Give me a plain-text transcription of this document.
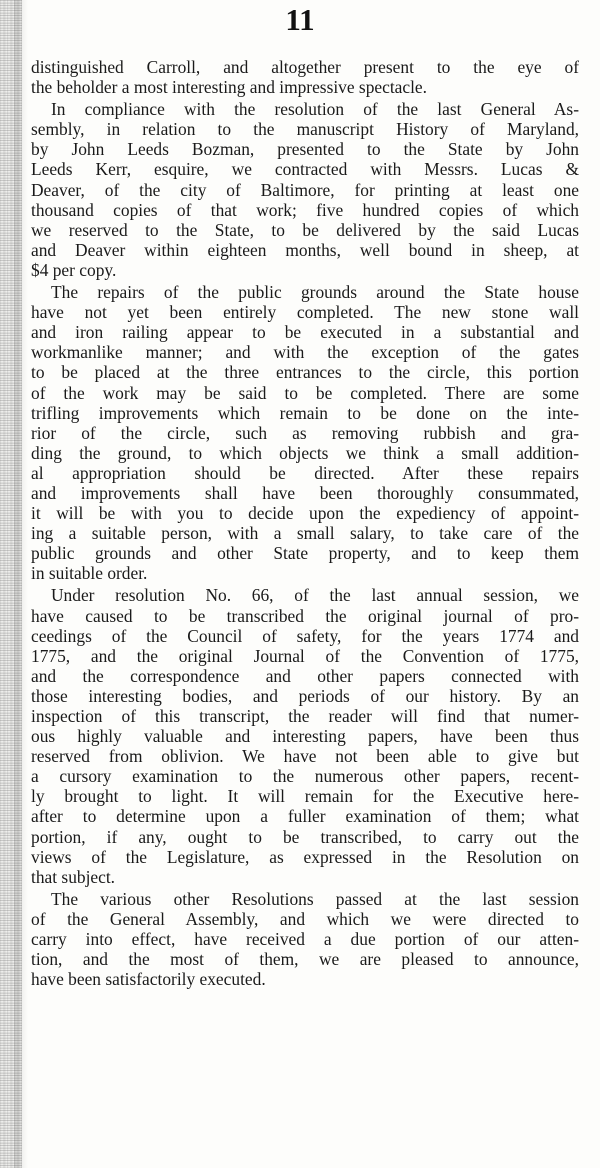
11
distinguished Carroll, and altogether present to the eye of
the beholder a most interesting and impressive spectacle.
In compliance with the resolution of the last General As-
sembly, in relation to the manuscript History of Maryland,
by John Leeds Bozman, presented to the State by John
Leeds Kerr, esquire, we contracted with Messrs. Lucas &
Deaver, of the city of Baltimore, for printing at least one
thousand copies of that work; five hundred copies of which
we reserved to the State, to be delivered by the said Lucas
and Deaver within eighteen months, well bound in sheep, at
$4 per copy.
The repairs of the public grounds around the State house
have not yet been entirely completed. The new stone wall
and iron railing appear to be executed in a substantial and
workmanlike manner; and with the exception of the gates
to be placed at the three entrances to the circle, this portion
of the work may be said to be completed. There are some
trifling improvements which remain to be done on the inte-
rior of the circle, such as removing rubbish and gra-
ding the ground, to which objects we think a small addition-
al appropriation should be directed. After these repairs
and improvements shall have been thoroughly consummated,
it will be with you to decide upon the expediency of appoint-
ing a suitable person, with a small salary, to take care of the
public grounds and other State property, and to keep them
in suitable order.
Under resolution No. 66, of the last annual session, we
have caused to be transcribed the original journal of pro-
ceedings of the Council of safety, for the years 1774 and
1775, and the original Journal of the Convention of 1775,
and the correspondence and other papers connected with
those interesting bodies, and periods of our history. By an
inspection of this transcript, the reader will find that numer-
ous highly valuable and interesting papers, have been thus
reserved from oblivion. We have not been able to give but
a cursory examination to the numerous other papers, recent-
ly brought to light. It will remain for the Executive here-
after to determine upon a fuller examination of them; what
portion, if any, ought to be transcribed, to carry out the
views of the Legislature, as expressed in the Resolution on
that subject.
The various other Resolutions passed at the last session
of the General Assembly, and which we were directed to
carry into effect, have received a due portion of our atten-
tion, and the most of them, we are pleased to announce,
have been satisfactorily executed.
